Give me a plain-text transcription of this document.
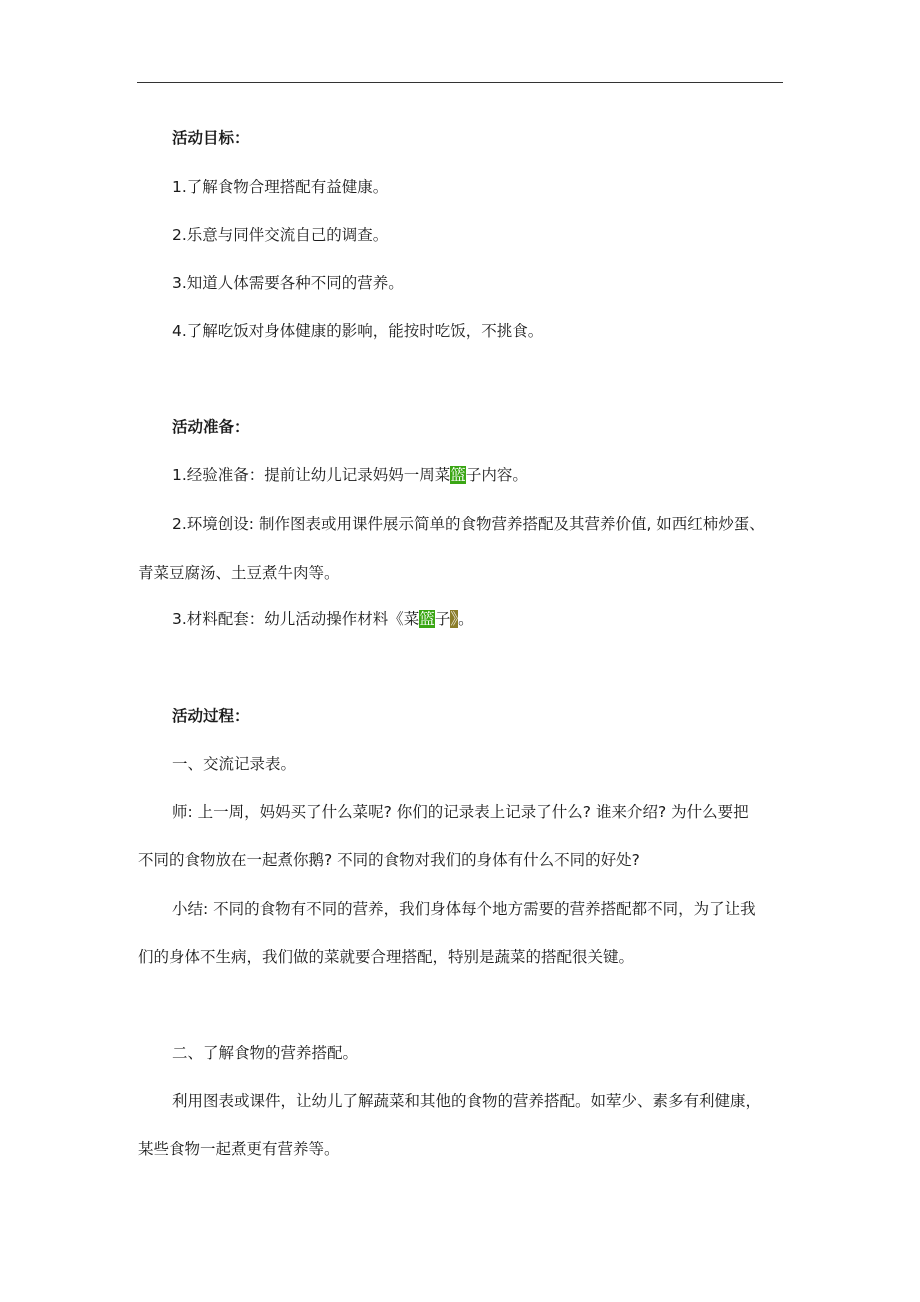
活动目标：
1.了解食物合理搭配有益健康。
2.乐意与同伴交流自己的调查。
3.知道人体需要各种不同的营养。
4.了解吃饭对身体健康的影响，能按时吃饭，不挑食。
活动准备：
1.经验准备：提前让幼儿记录妈妈一周菜篮子内容。
2.环境创设: 制作图表或用课件展示简单的食物营养搭配及其营养价值, 如西红柿炒蛋、
青菜豆腐汤、土豆煮牛肉等。
3.材料配套：幼儿活动操作材料《菜篮子》。
活动过程：
一、交流记录表。
师: 上一周，妈妈买了什么菜呢? 你们的记录表上记录了什么? 谁来介绍? 为什么要把
不同的食物放在一起煮你鹅? 不同的食物对我们的身体有什么不同的好处?
小结: 不同的食物有不同的营养，我们身体每个地方需要的营养搭配都不同，为了让我
们的身体不生病，我们做的菜就要合理搭配，特别是蔬菜的搭配很关键。
二、了解食物的营养搭配。
利用图表或课件，让幼儿了解蔬菜和其他的食物的营养搭配。如荤少、素多有利健康，
某些食物一起煮更有营养等。
